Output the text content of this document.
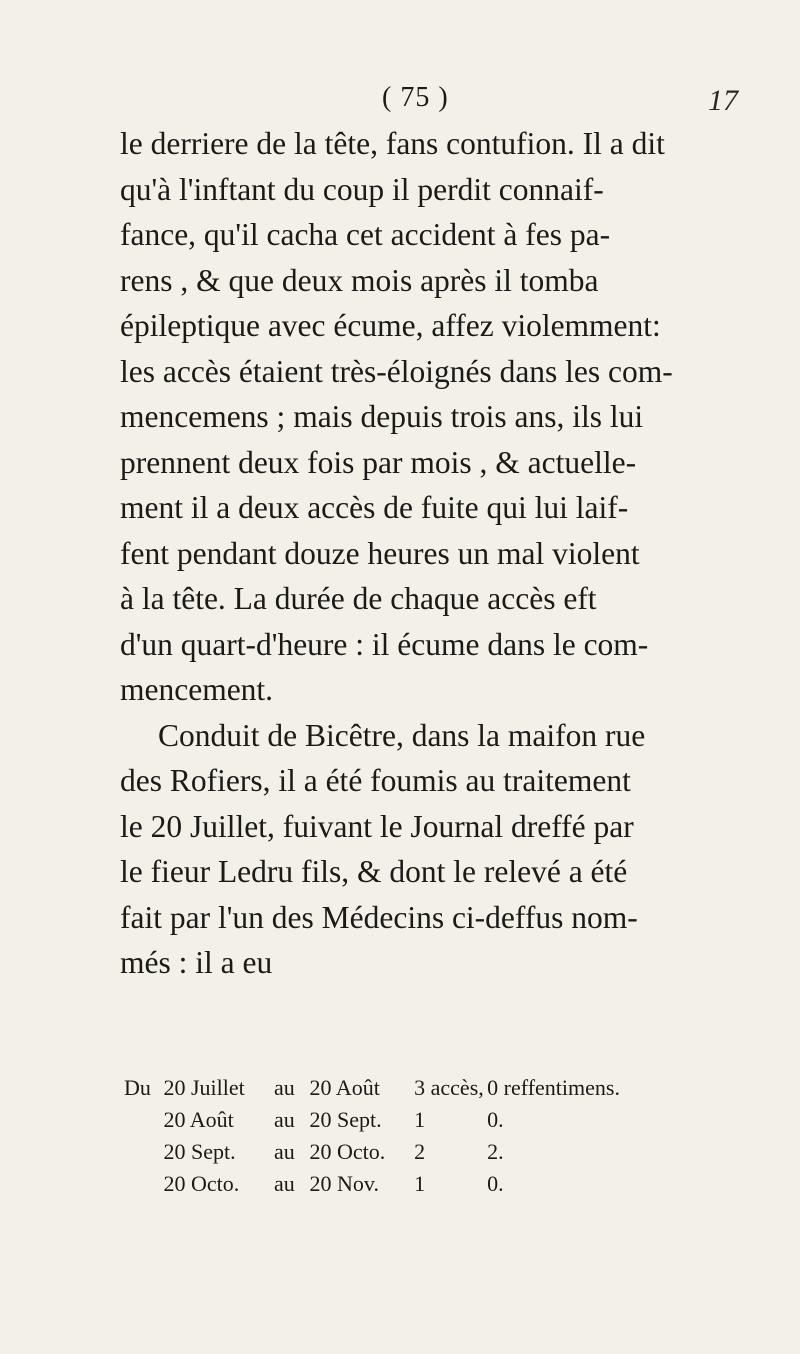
( 75 )	17
le derriere de la tête, fans contufion. Il a dit
qu'à l'inftant du coup il perdit connaif-
fance, qu'il cacha cet accident à fes pa-
rens , & que deux mois après il tomba
épileptique avec écume, affez violemment:
les accès étaient très-éloignés dans les com-
mencemens ; mais depuis trois ans, ils lui
prennent deux fois par mois , & actuelle-
ment il a deux accès de fuite qui lui laif-
fent pendant douze heures un mal violent
à la tête. La durée de chaque accès eft
d'un quart-d'heure : il écume dans le com-
mencement.
Conduit de Bicêtre, dans la maifon rue
des Rofiers, il a été foumis au traitement
le 20 Juillet, fuivant le Journal dreffé par
le fieur Ledru fils, & dont le relevé a été
fait par l'un des Médecins ci-deffus nom-
més : il a eu
Du 20 Juillet	au 20 Août	3 accès, 0 reffentimens.
20 Août	au 20 Sept.	1	0.
20 Sept.	au 20 Octo.	2	2.
20 Octo.	au 20 Nov.	1	0.
